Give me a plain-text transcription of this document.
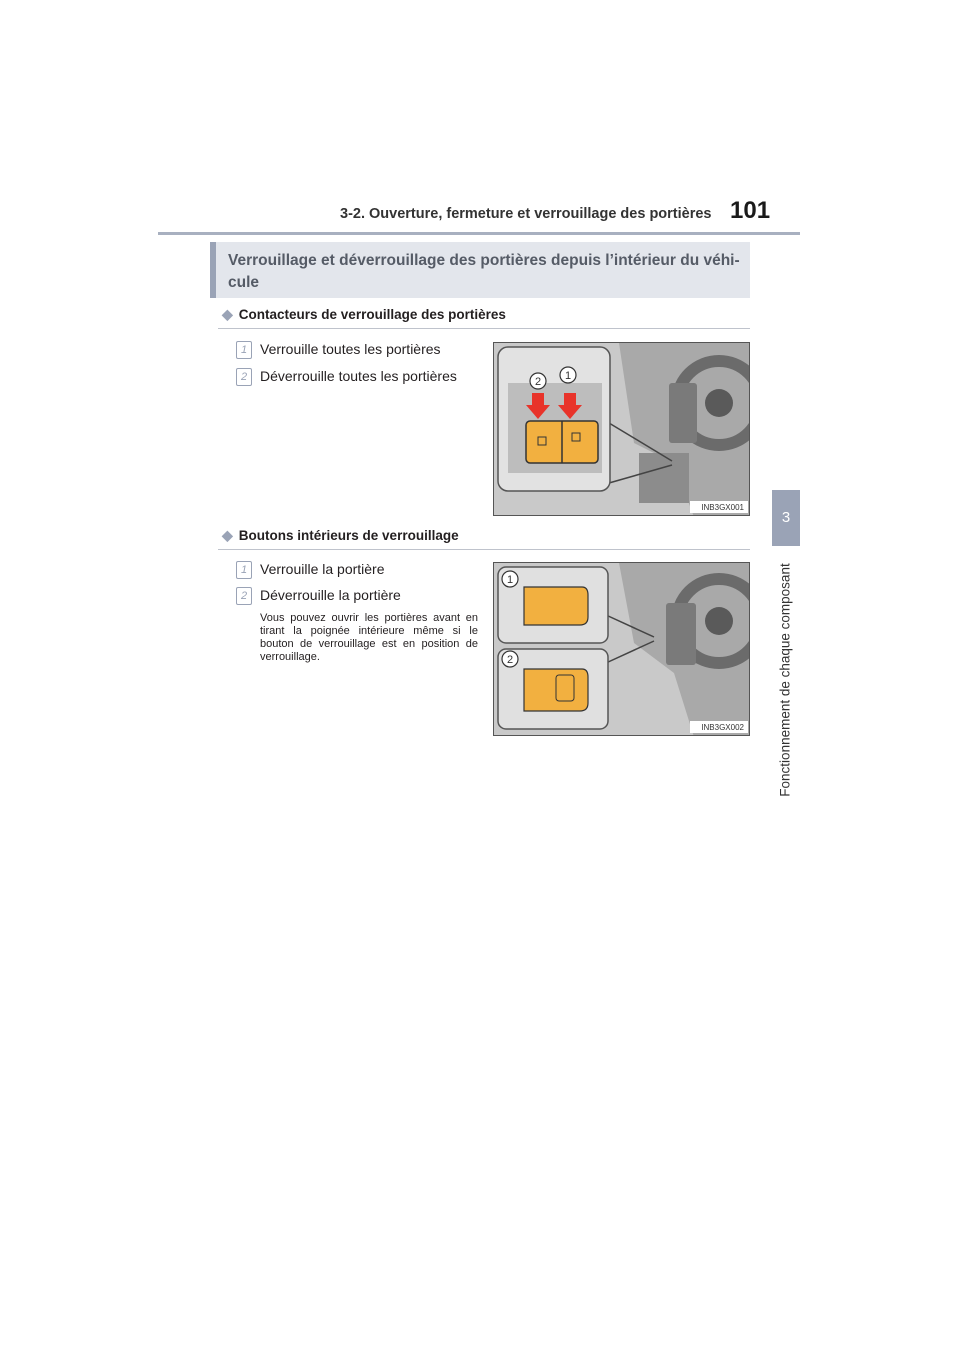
3-2. Ouverture, fermeture et verrouillage des portières 101
3
Fonctionnement de chaque composant
Verrouillage et déverrouillage des portières depuis l’intérieur du véhi-cule
◆ Contacteurs de verrouillage des portières
1 Verrouille toutes les portières
2 Déverrouille toutes les portières	2 1
INB3GX001
◆ Boutons intérieurs de verrouillage
1 Verrouille la portière
2 Déverrouille la portière
Vous pouvez ouvrir les portières avant en tirant la poignée intérieure même si le bouton de verrouillage est en position de verrouillage.
1
2
INB3GX002
